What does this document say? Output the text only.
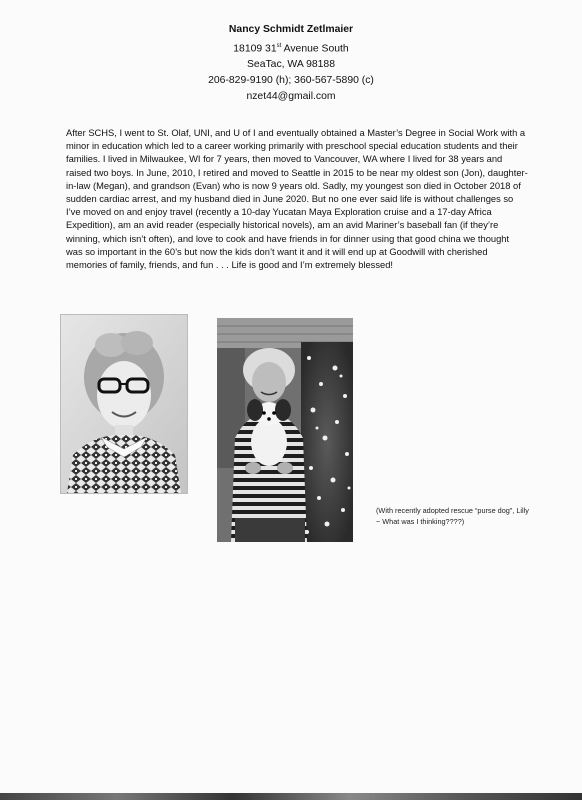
Nancy Schmidt Zetlmaier
18109 31st Avenue South
SeaTac, WA 98188
206-829-9190 (h); 360-567-5890 (c)
nzet44@gmail.com
After SCHS, I went to St. Olaf, UNI, and U of I and eventually obtained a Master’s Degree in Social Work with a minor in education which led to a career working primarily with preschool special education students and their families. I lived in Milwaukee, WI for 7 years, then moved to Vancouver, WA where I lived for 38 years and raised two boys. In June, 2010, I retired and moved to Seattle in 2015 to be near my oldest son (Jon), daughter-in-law (Megan), and grandson (Evan) who is now 9 years old. Sadly, my youngest son died in October 2018 of sudden cardiac arrest, and my husband died in June 2020. But no one ever said life is without challenges so I’ve moved on and enjoy travel (recently a 10-day Yucatan Maya Exploration cruise and a 17-day Africa Expedition), am an avid reader (especially historical novels), am an avid Mariner’s baseball fan (if they’re winning, which isn’t often), and love to cook and have friends in for dinner using that good china we thought was so important in the 60’s but now the kids don’t want it and it will end up at Goodwill with cherished memories of family, friends, and fun . . . Life is good and I’m extremely blessed!
(With recently adopted rescue “purse dog”, Lilly
~ What was I thinking????)
